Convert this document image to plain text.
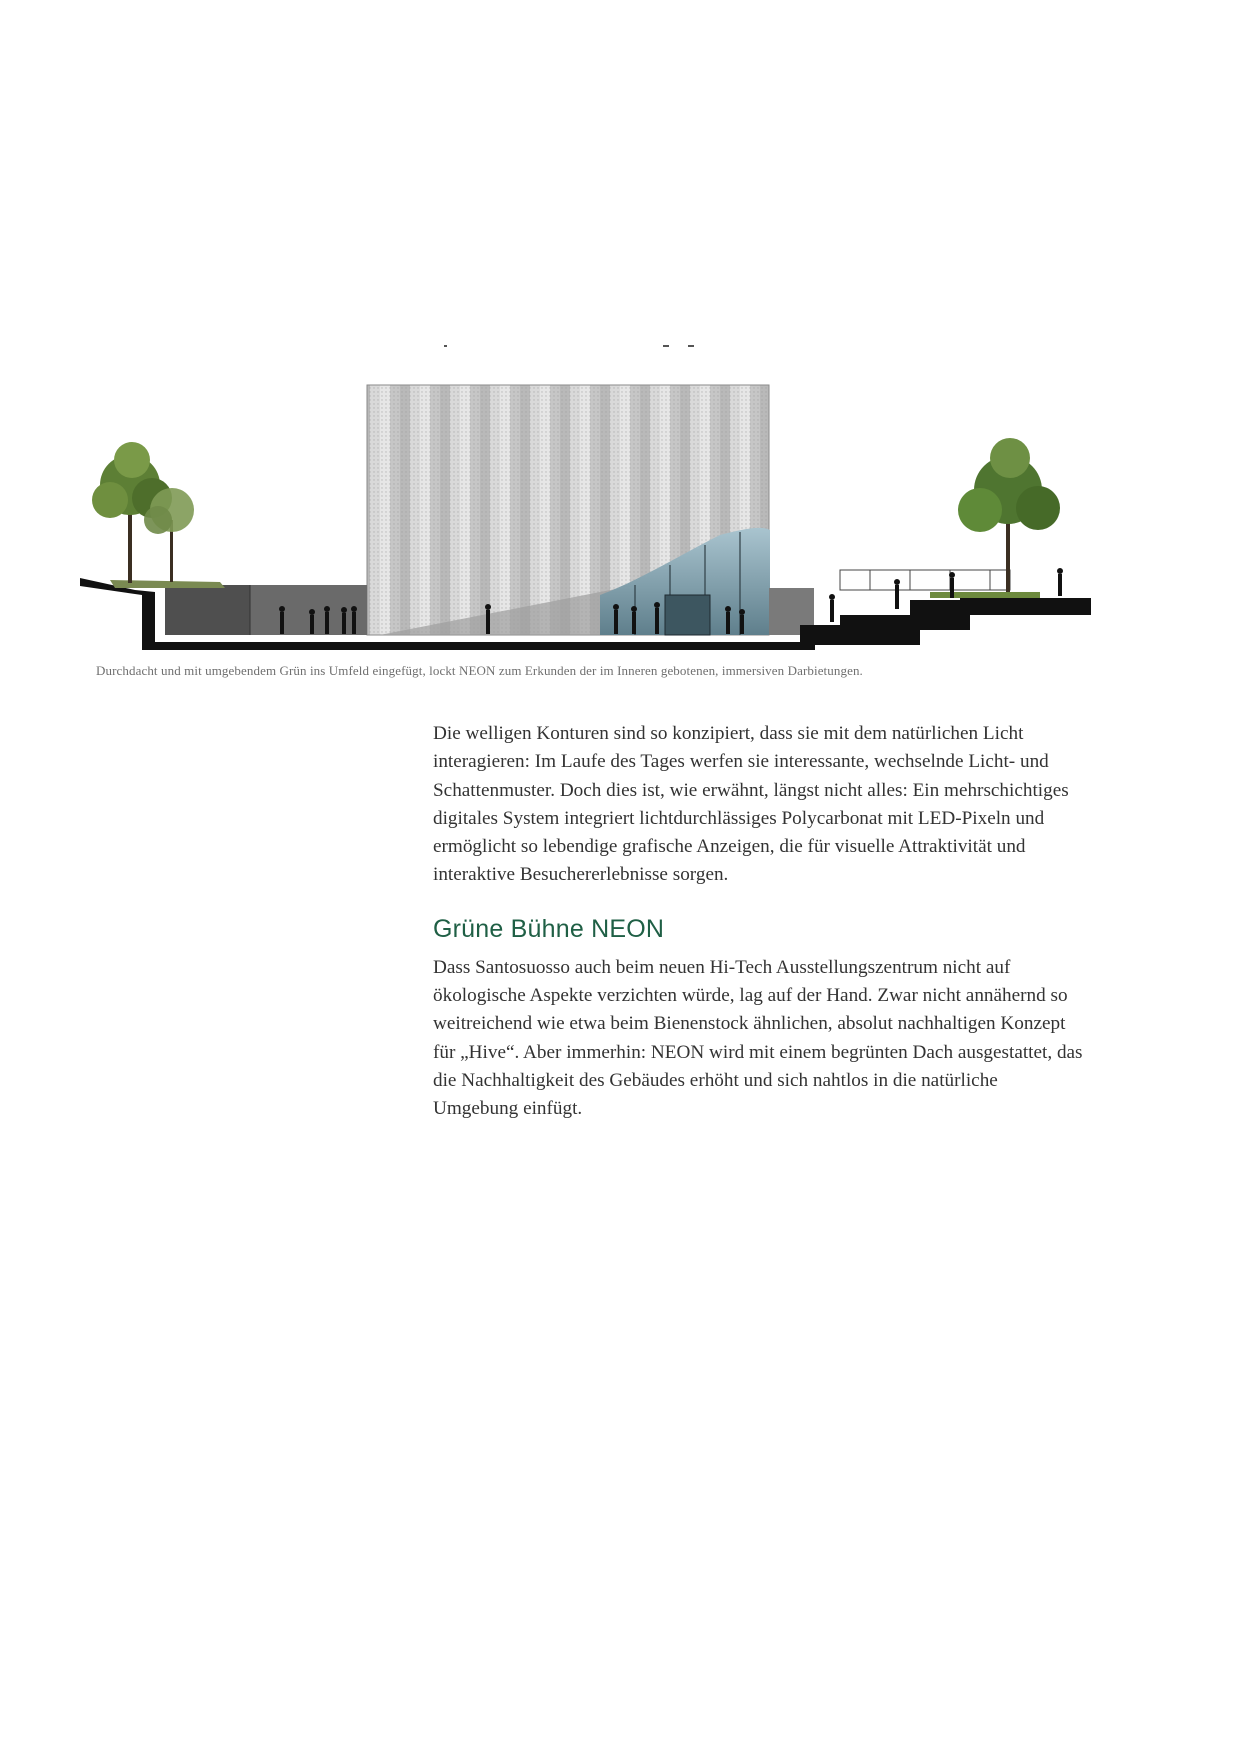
Durchdacht und mit umgebendem Grün ins Umfeld eingefügt, lockt NEON zum Erkunden der im Inneren gebotenen, immersiven Darbietungen.

Die welligen Konturen sind so konzipiert, dass sie mit dem natürlichen Licht interagieren: Im Laufe des Tages werfen sie interessante, wechselnde Licht- und Schattenmuster. Doch dies ist, wie erwähnt, längst nicht alles: Ein mehrschichtiges digitales System integriert lichtdurchlässiges Polycarbonat mit LED-Pixeln und ermöglicht so lebendige grafische Anzeigen, die für visuelle Attraktivität und interaktive Besuchererlebnisse sorgen.

Grüne Bühne NEON

Dass Santosuosso auch beim neuen Hi-Tech Ausstellungszentrum nicht auf ökologische Aspekte verzichten würde, lag auf der Hand. Zwar nicht annähernd so weitreichend wie etwa beim Bienenstock ähnlichen, absolut nachhaltigen Konzept für „Hive“. Aber immerhin: NEON wird mit einem begrünten Dach ausgestattet, das die Nachhaltigkeit des Gebäudes erhöht und sich nahtlos in die natürliche Umgebung einfügt.
